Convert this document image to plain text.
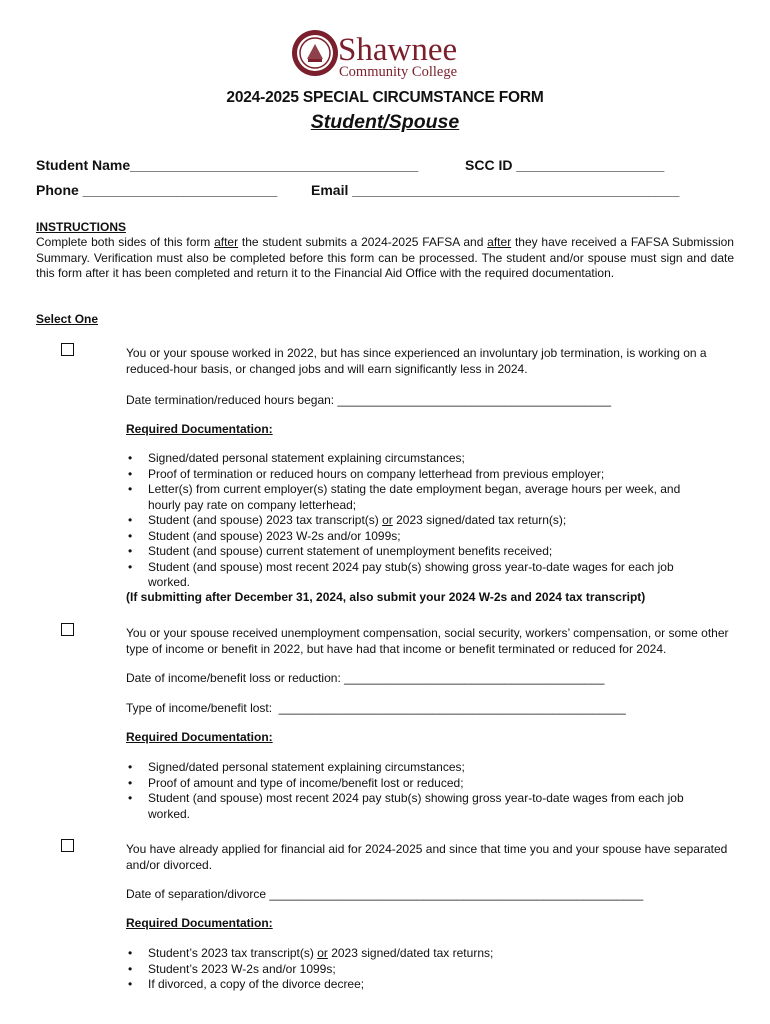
Shawnee
Community College
2024-2025 SPECIAL CIRCUMSTANCE FORM
Student/Spouse
Student Name_____________________________________	SCC ID ___________________
Phone _________________________ Email __________________________________________
INSTRUCTIONS
Complete both sides of this form after the student submits a 2024-2025 FAFSA and after they have received a FAFSA Submission Summary. Verification must also be completed before this form can be processed. The student and/or spouse must sign and date this form after it has been completed and return it to the Financial Aid Office with the required documentation.
Select One
You or your spouse worked in 2022, but has since experienced an involuntary job termination, is working on a reduced-hour basis, or changed jobs and will earn significantly less in 2024.
Date termination/reduced hours began: _________________________________________
Required Documentation:
• Signed/dated personal statement explaining circumstances;
• Proof of termination or reduced hours on company letterhead from previous employer;
• Letter(s) from current employer(s) stating the date employment began, average hours per week, and hourly pay rate on company letterhead;
• Student (and spouse) 2023 tax transcript(s) or 2023 signed/dated tax return(s);
• Student (and spouse) 2023 W-2s and/or 1099s;
• Student (and spouse) current statement of unemployment benefits received;
• Student (and spouse) most recent 2024 pay stub(s) showing gross year-to-date wages for each job worked.
(If submitting after December 31, 2024, also submit your 2024 W-2s and 2024 tax transcript)
You or your spouse received unemployment compensation, social security, workers’ compensation, or some other type of income or benefit in 2022, but have had that income or benefit terminated or reduced for 2024.
Date of income/benefit loss or reduction: _______________________________________
Type of income/benefit lost:  ____________________________________________________
Required Documentation:
• Signed/dated personal statement explaining circumstances;
• Proof of amount and type of income/benefit lost or reduced;
• Student (and spouse) most recent 2024 pay stub(s) showing gross year-to-date wages from each job worked.
You have already applied for financial aid for 2024-2025 and since that time you and your spouse have separated and/or divorced.
Date of separation/divorce ________________________________________________________
Required Documentation:
• Student’s 2023 tax transcript(s) or 2023 signed/dated tax returns;
• Student’s 2023 W-2s and/or 1099s;
• If divorced, a copy of the divorce decree;
